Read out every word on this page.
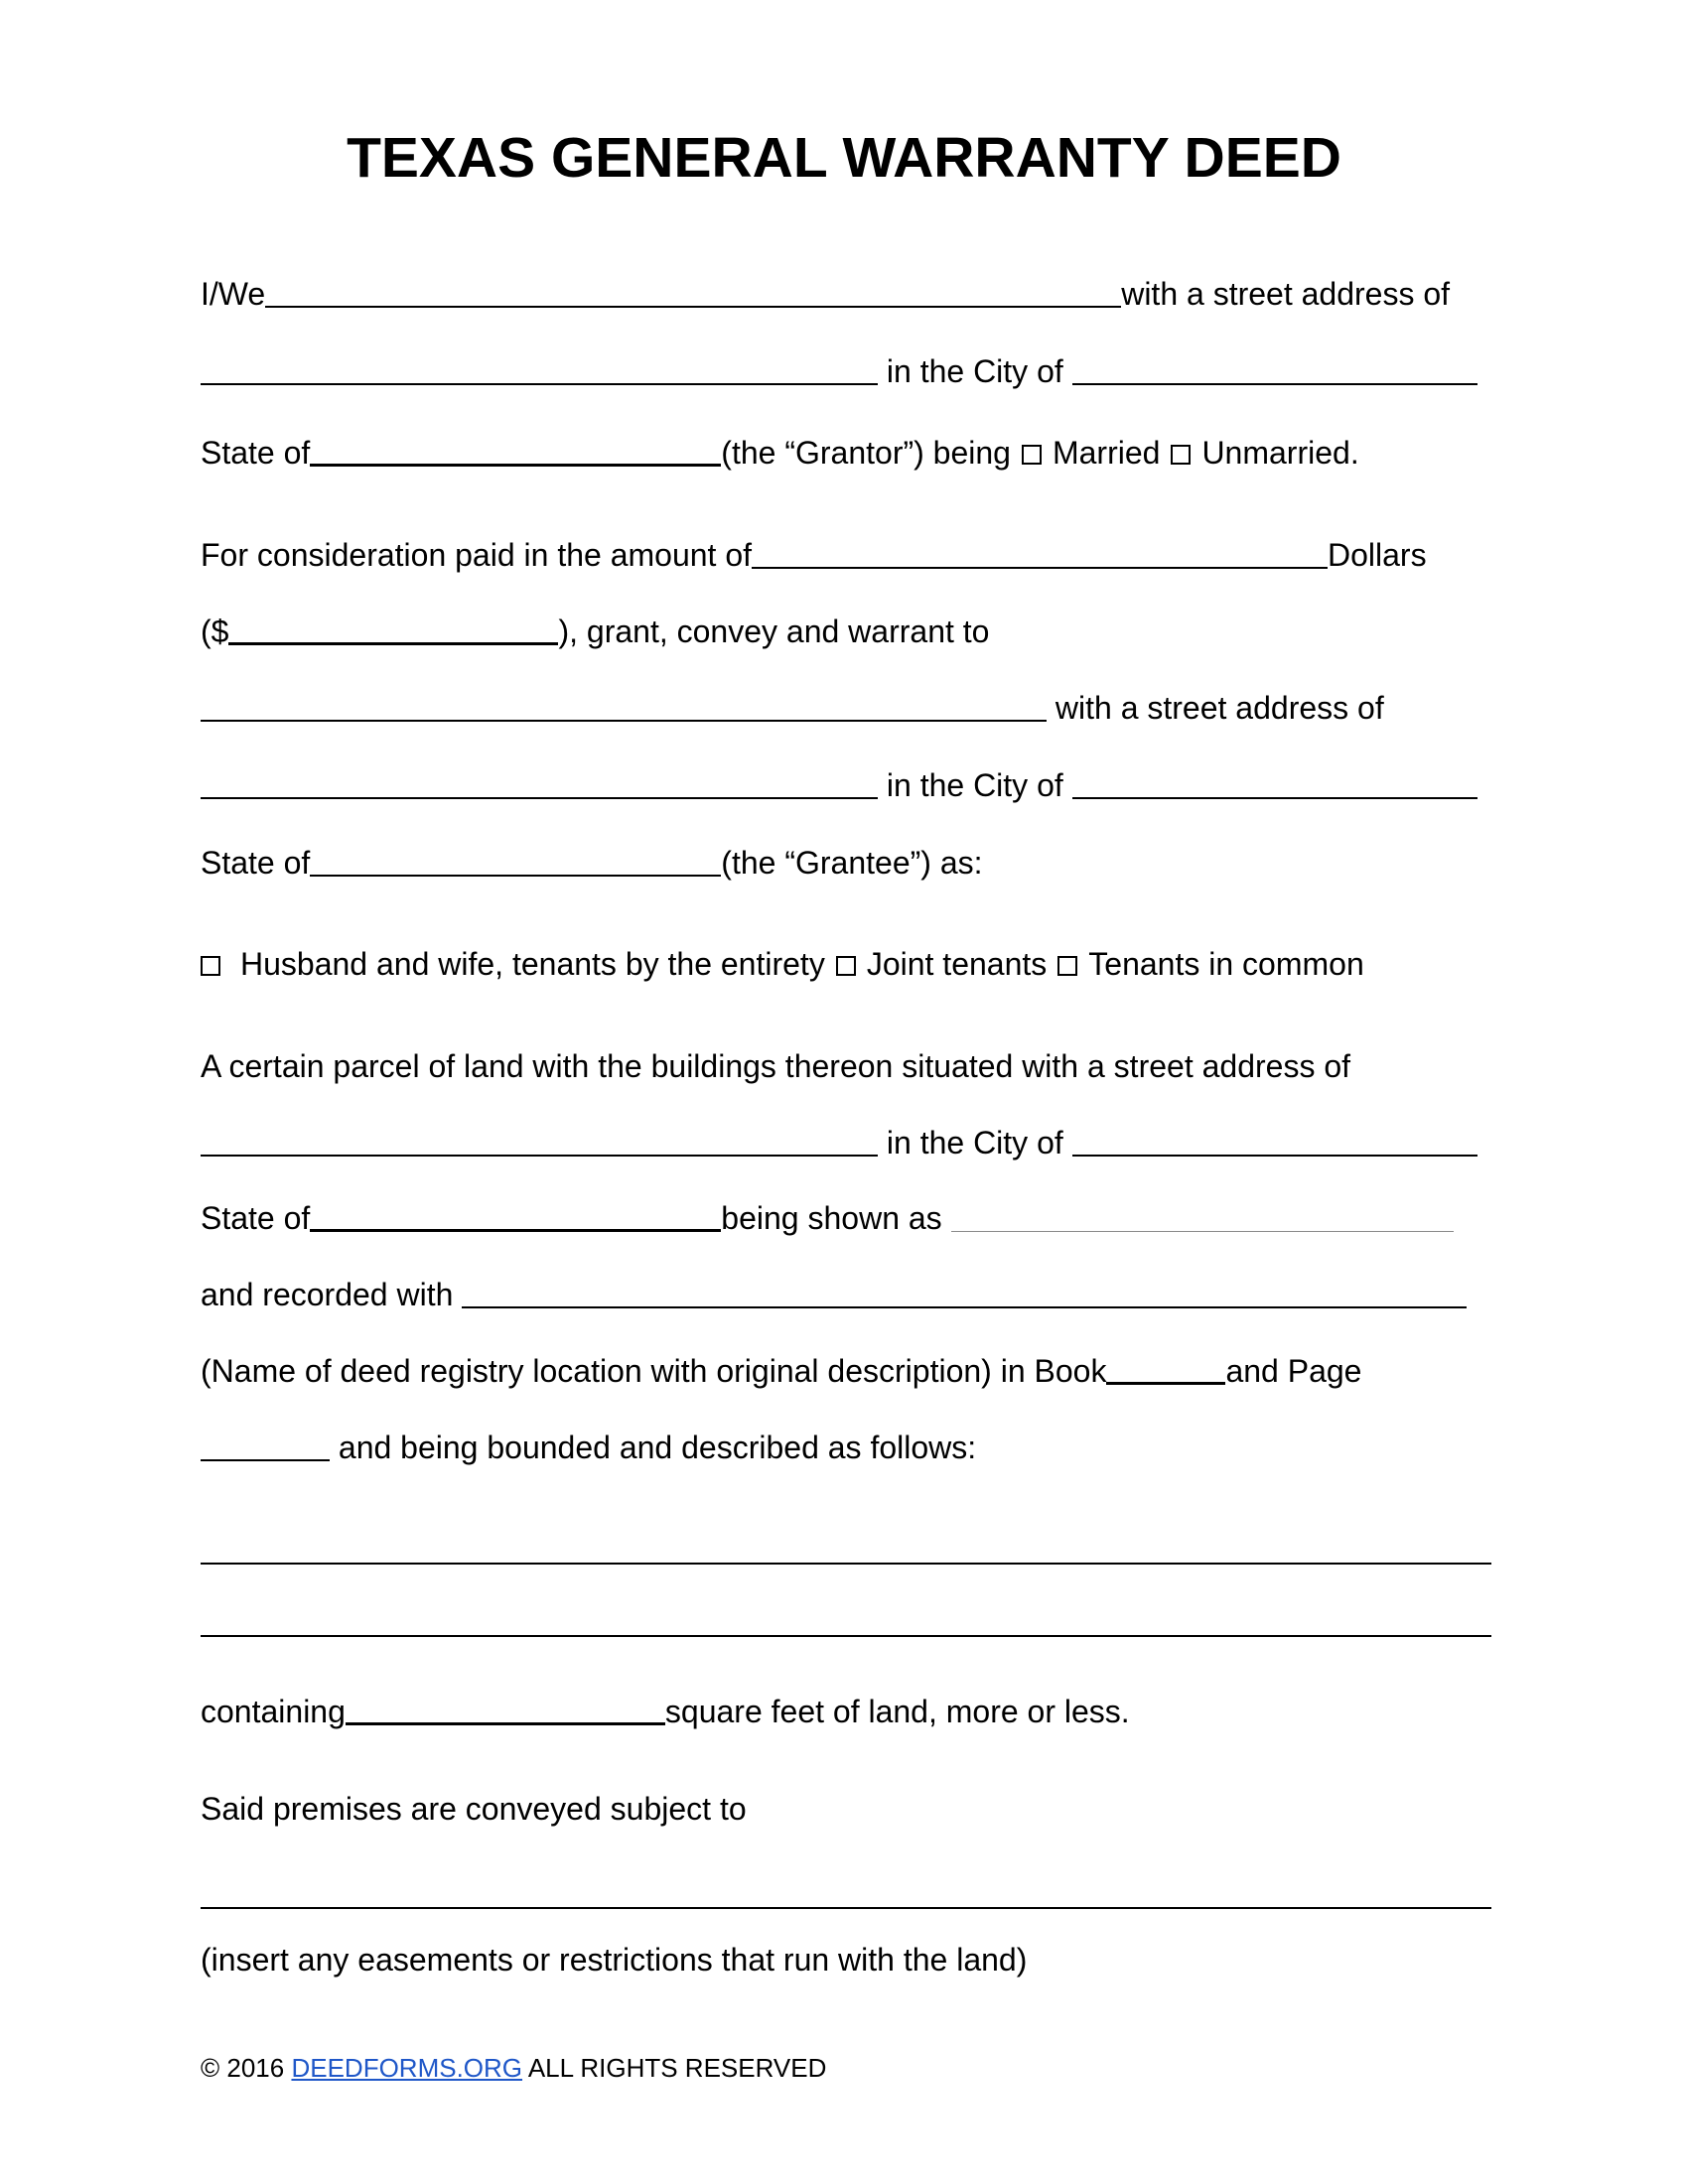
TEXAS GENERAL WARRANTY DEED
I/We	with a street address of
in the City of
State of	(the “Grantor”) being Married Unmarried.
For consideration paid in the amount of	Dollars
($	), grant, convey and warrant to
with a street address of
in the City of
State of	(the “Grantee”) as:
Husband and wife, tenants by the entirety Joint tenants Tenants in common
A certain parcel of land with the buildings thereon situated with a street address of
in the City of
State of	being shown as
and recorded with
(Name of deed registry location with original description) in Book	and Page
and being bounded and described as follows:
containing	square feet of land, more or less.
Said premises are conveyed subject to
(insert any easements or restrictions that run with the land)
© 2016 DEEDFORMS.ORG ALL RIGHTS RESERVED
